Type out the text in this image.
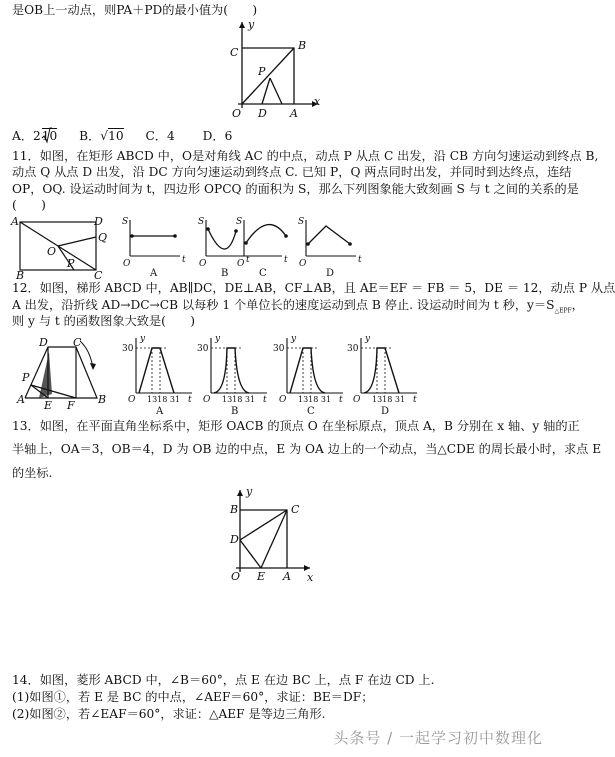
是OB上一动点，则PA＋PD的最小值为(　　)
y
C
B
P
O D A
x
A．210 B．√10 C．4 D．6
11．如图，在矩形 ABCD 中，O是对角线 AC 的中点，动点 P 从点 C 出发，沿 CB 方向匀速运动到终点 B,
动点 Q 从点 D 出发，沿 DC 方向匀速运动到终点 C. 已知 P，Q 两点同时出发，并同时到达终点，连结
OP，OQ. 设运动时间为 t，四边形 OPCQ 的面积为 S，那么下列图象能大致刻画 S 与 t 之间的关系的是
(　　)
A	D
O
Q
P
B	C
S
O	t
A
S
O	t
B
S
O	t
C
S
O	t
D
12．如图，梯形 ABCD 中，AB∥DC，DE⊥AB，CF⊥AB，且 AE＝EF ＝ FB ＝ 5，DE ＝ 12，动点 P 从点
A 出发，沿折线 AD→DC→CB 以每秒 1 个单位长的速度运动到点 B 停止. 设运动时间为 t 秒，$y=S_{\triangle EPF}$，
则 y 与 t 的函数图象大致是(　　)
D C
P
A E F B
y
30
O 1318 31 t
A
y
30
O 1318 31 t
B
y
30
O 1318 31 t
C
y
30
O 1318 31 t
D
13．如图，在平面直角坐标系中，矩形 OACB 的顶点 O 在坐标原点，顶点 A，B 分别在 x 轴、y 轴的正
半轴上，OA＝3，OB＝4，D 为 OB 边的中点，E 为 OA 边上的一个动点，当△CDE 的周长最小时，求点 E
的坐标.
y
B	C
D
O E A x
14．如图，菱形 ABCD 中，∠B＝60°，点 E 在边 BC 上，点 F 在边 CD 上.
(1)如图①，若 E 是 BC 的中点，∠AEF＝60°，求证：BE＝DF；
(2)如图②，若∠EAF＝60°，求证：△AEF 是等边三角形.
头条号 / 一起学习初中数理化
